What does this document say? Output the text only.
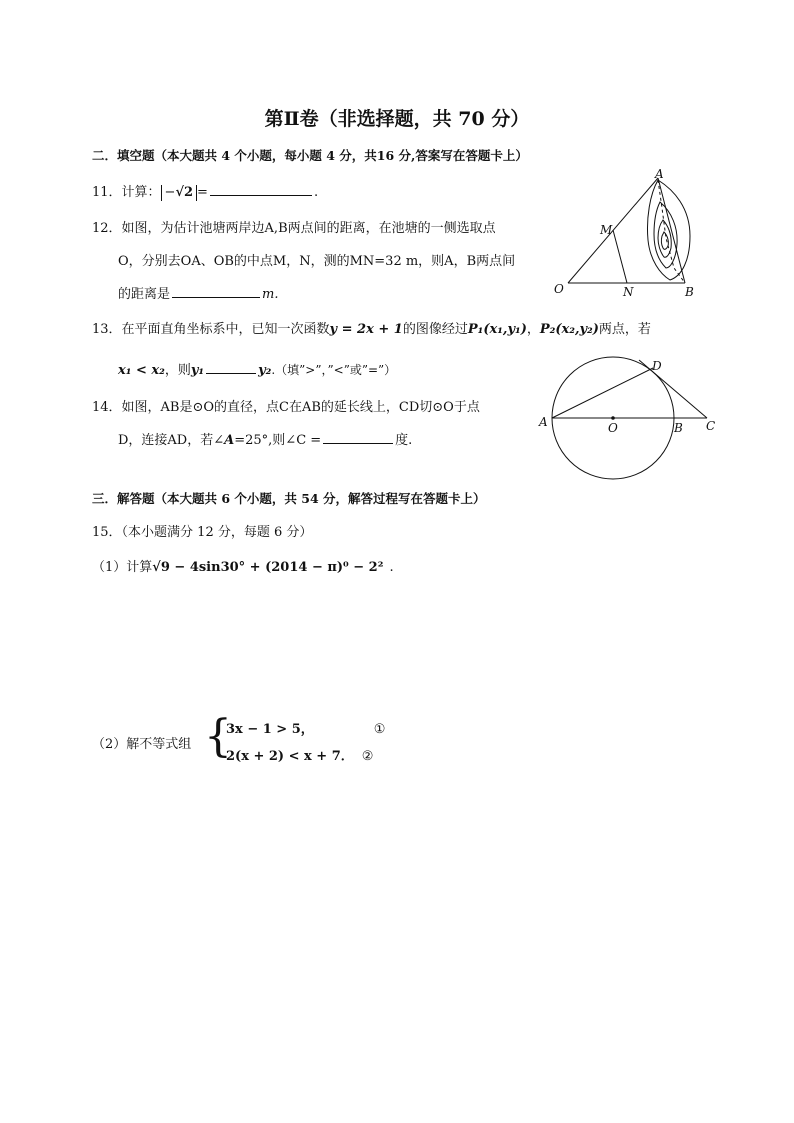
第Ⅱ卷（非选择题，共 70 分）
二．填空题（本大题共 4 个小题，每小题 4 分，共16 分,答案写在答题卡上）
11．计算： −√2 =	.
12．如图，为估计池塘两岸边A,B两点间的距离，在池塘的一侧选取点
O，分别去OA、OB的中点M，N，测的MN=32 m，则A，B两点间
的距离是	m.
A
M
O	N	B
13．在平面直角坐标系中，已知一次函数y = 2x + 1的图像经过P₁(x₁,y₁)，P₂(x₂,y₂)两点，若
x₁ < x₂，则y₁	y₂.（填”>”，”<”或”=”）
A	O	B C
D
14．如图，AB是⊙O的直径，点C在AB的延长线上，CD切⊙O于点
D，连接AD，若∠A=25°,则∠C =	度.
三．解答题（本大题共 6 个小题，共 54 分，解答过程写在答题卡上）
15．（本小题满分 12 分，每题 6 分）
（1）计算√9 − 4sin30° + (2014 − π)⁰ − 2² .
（2）解不等式组 {
3x − 1 > 5，	①
2(x + 2) < x + 7． ②
